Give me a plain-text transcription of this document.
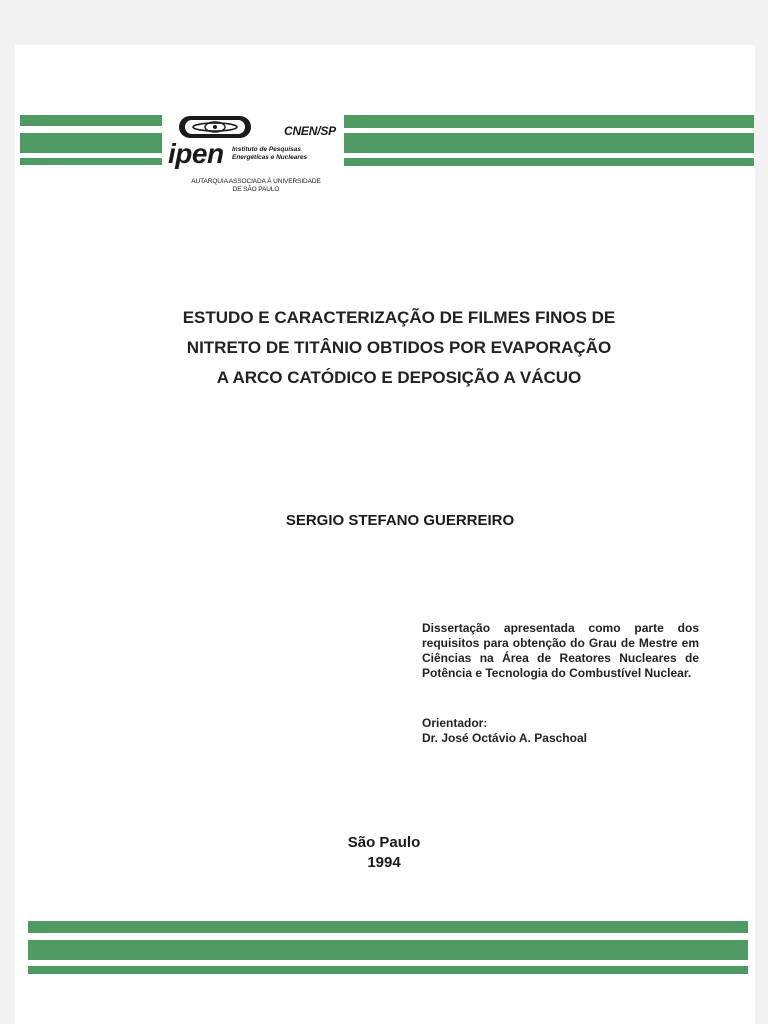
CNEN/SP
ipen Instituto de Pesquisas
Energéticas e Nucleares
AUTARQUIA ASSOCIADA À UNIVERSIDADE
DE SÃO PAULO
ESTUDO E CARACTERIZAÇÃO DE FILMES FINOS DE
NITRETO DE TITÂNIO OBTIDOS POR EVAPORAÇÃO
A ARCO CATÓDICO E DEPOSIÇÃO A VÁCUO
SERGIO STEFANO GUERREIRO
Dissertação apresentada como parte dos requisitos para obtenção do Grau de Mestre em Ciências na Área de Reatores Nucleares de Potência e Tecnologia do Combustível Nuclear.
Orientador:
Dr. José Octávio A. Paschoal
São Paulo
1994
